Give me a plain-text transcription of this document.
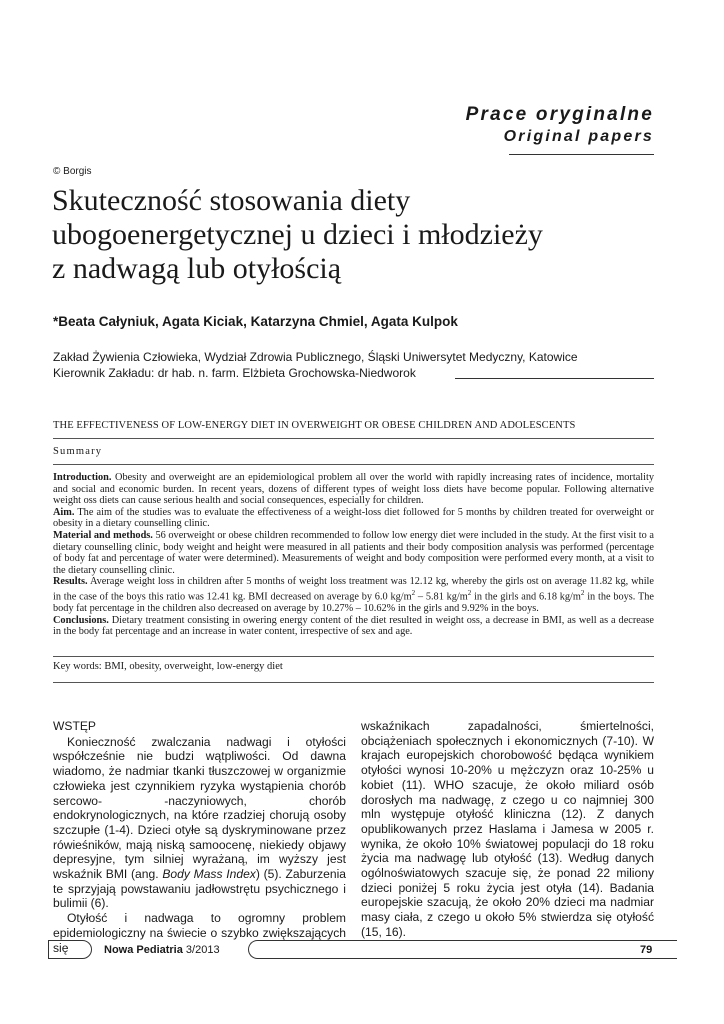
Prace oryginalne
Original papers
© Borgis
Skuteczność stosowania diety
ubogoenergetycznej u dzieci i młodzieży
z nadwagą lub otyłością
*Beata Całyniuk, Agata Kiciak, Katarzyna Chmiel, Agata Kulpok
Zakład Żywienia Człowieka, Wydział Zdrowia Publicznego, Śląski Uniwersytet Medyczny, Katowice
Kierownik Zakładu: dr hab. n. farm. Elżbieta Grochowska-Niedworok
THE EFFECTIVENESS OF LOW-ENERGY DIET IN OVERWEIGHT OR OBESE CHILDREN AND ADOLESCENTS
Summary

Introduction. Obesity and overweight are an epidemiological problem all over the world with rapidly increasing rates of incidence, mortality and social and economic burden. In recent years, dozens of different types of weight loss diets have become popular. Following alternative weight oss diets can cause serious health and social consequences, especially for children.

Aim. The aim of the studies was to evaluate the effectiveness of a weight-loss diet followed for 5 months by children treated for overweight or obesity in a dietary counselling clinic.

Material and methods. 56 overweight or obese children recommended to follow low energy diet were included in the study. At the first visit to a dietary counselling clinic, body weight and height were measured in all patients and their body composition analysis was performed (percentage of body fat and percentage of water were determined). Measurements of weight and body composition were performed every month, at a visit to the dietary counselling clinic.

Results. Average weight loss in children after 5 months of weight loss treatment was 12.12 kg, whereby the girls ost on average 11.82 kg, while in the case of the boys this ratio was 12.41 kg. BMI decreased on average by 6.0 $kg/m^2 - 5.81$ $kg/m^2$ in the girls and 6.18 $kg/m^2$ in the boys. The body fat percentage in the children also decreased on average by 10.27% – 10.62% in the girls and 9.92% in the boys.

Conclusions. Dietary treatment consisting in owering energy content of the diet resulted in weight oss, a decrease in BMI, as well as a decrease in the body fat percentage and an increase in water content, irrespective of sex and age.

Key words: BMI, obesity, overweight, low-energy diet

WSTĘP

Konieczność zwalczania nadwagi i otyłości współcześnie nie budzi wątpliwości. Od dawna wiadomo, że nadmiar tkanki tłuszczowej w organizmie człowieka jest czynnikiem ryzyka wystąpienia chorób sercowo- -naczyniowych, chorób endokrynologicznych, na które rzadziej chorują osoby szczupłe (1-4). Dzieci otyłe są dyskryminowane przez rówieśników, mają niską samoocenę, niekiedy objawy depresyjne, tym silniej wyrażaną, im wyższy jest wskaźnik BMI (ang. Body Mass Index) (5). Zaburzenia te sprzyjają powstawaniu jadłowstrętu psychicznego i bulimii (6).

Otyłość i nadwaga to ogromny problem epidemiologiczny na świecie o szybko zwiększających się

wskaźnikach zapadalności, śmiertelności, obciążeniach społecznych i ekonomicznych (7-10). W krajach europejskich chorobowość będąca wynikiem otyłości wynosi 10-20% u mężczyzn oraz 10-25% u kobiet (11). WHO szacuje, że około miliard osób dorosłych ma nadwagę, z czego u co najmniej 300 mln występuje otyłość kliniczna (12). Z danych opublikowanych przez Haslama i Jamesa w 2005 r. wynika, że około 10% światowej populacji do 18 roku życia ma nadwagę lub otyłość (13). Według danych ogólnoświatowych szacuje się, że ponad 22 miliony dzieci poniżej 5 roku życia jest otyła (14). Badania europejskie szacują, że około 20% dzieci ma nadmiar masy ciała, z czego u około 5% stwierdza się otyłość (15, 16).

Nowa Pediatria 3/2013	79
